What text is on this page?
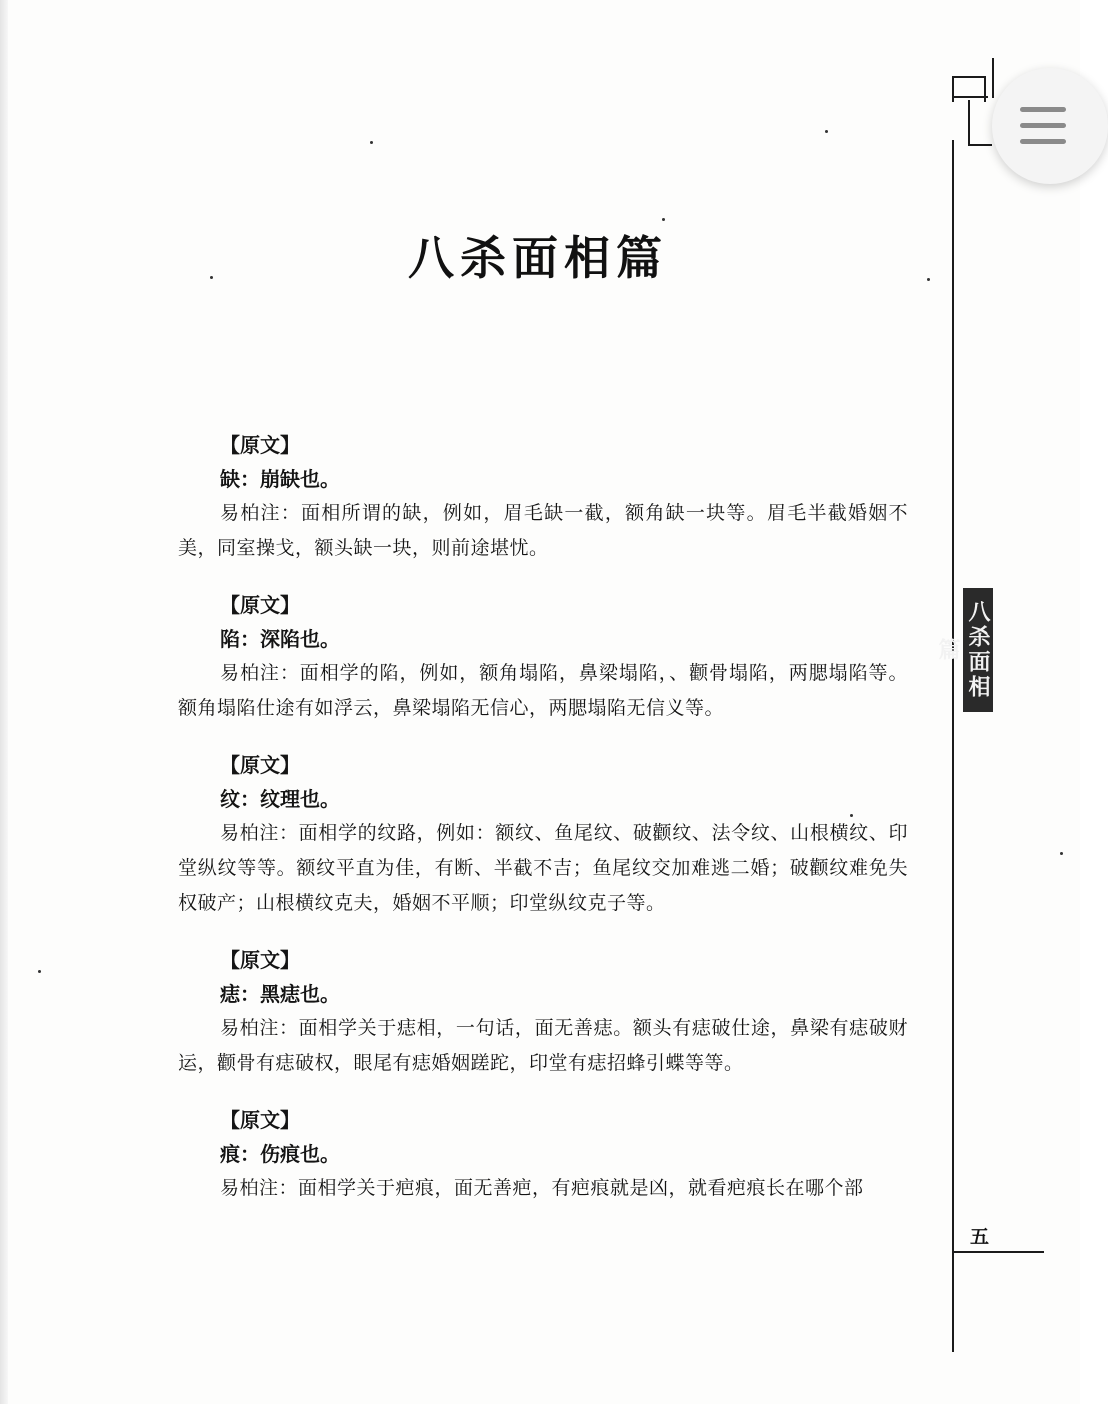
八杀面相篇
【原文】
缺：崩缺也。

易柏注：面相所谓的缺，例如，眉毛缺一截，额角缺一块等。眉毛半截婚姻不美，同室操戈，额头缺一块，则前途堪忧。

【原文】
陷：深陷也。

易柏注：面相学的陷，例如，额角塌陷，鼻梁塌陷，、颧骨塌陷，两腮塌陷等。额角塌陷仕途有如浮云，鼻梁塌陷无信心，两腮塌陷无信义等。

【原文】
纹：纹理也。

易柏注：面相学的纹路，例如：额纹、鱼尾纹、破颧纹、法令纹、山根横纹、印堂纵纹等等。额纹平直为佳，有断、半截不吉；鱼尾纹交加难逃二婚；破颧纹难免失权破产；山根横纹克夫，婚姻不平顺；印堂纵纹克子等。

【原文】
痣：黑痣也。

易柏注：面相学关于痣相，一句话，面无善痣。额头有痣破仕途，鼻梁有痣破财运，颧骨有痣破权，眼尾有痣婚姻蹉跎，印堂有痣招蜂引蝶等等。

【原文】
痕：伤痕也。

易柏注：面相学关于疤痕，面无善疤，有疤痕就是凶，就看疤痕长在哪个部

八杀面相篇
五
